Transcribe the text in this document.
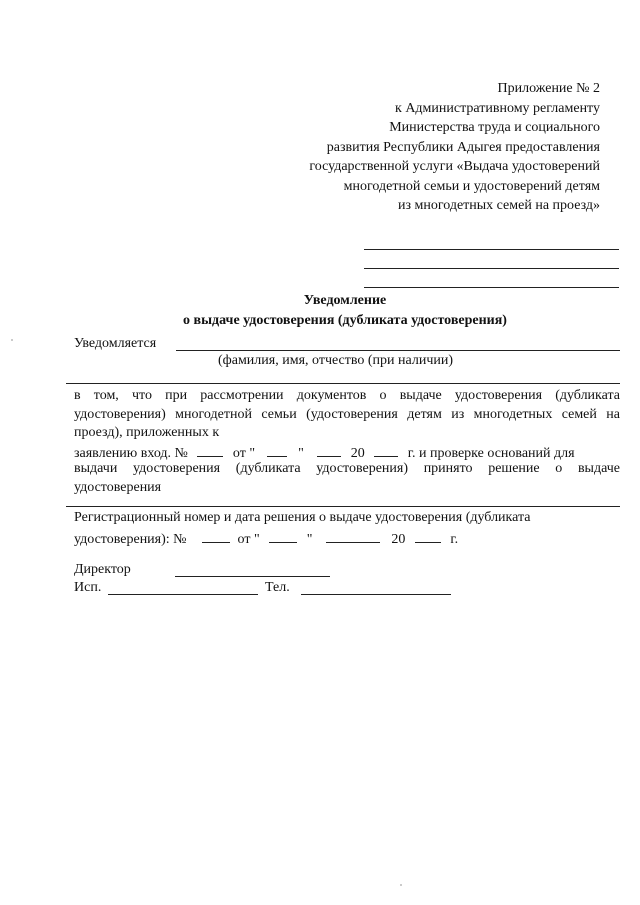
Приложение № 2
к Административному регламенту
Министерства труда и социального
развития Республики Адыгея предоставления
государственной услуги «Выдача удостоверений
многодетной семьи и удостоверений детям
из многодетных семей на проезд»
Уведомление
о выдаче удостоверения (дубликата удостоверения)
Уведомляется
(фамилия, имя, отчество (при наличии)
в том, что при рассмотрении документов о выдаче удостоверения (дубликата
удостоверения) многодетной семьи (удостоверения детям из многодетных семей на
проезд), приложенных к
заявлению вход. №	от "	"	20	г. и проверке оснований для
выдачи удостоверения (дубликата удостоверения) принято решение о выдаче
удостоверения
Регистрационный номер и дата решения о выдаче удостоверения (дубликата
удостоверения): №	от "	"	20	г.
Директор
Исп.	Тел.
